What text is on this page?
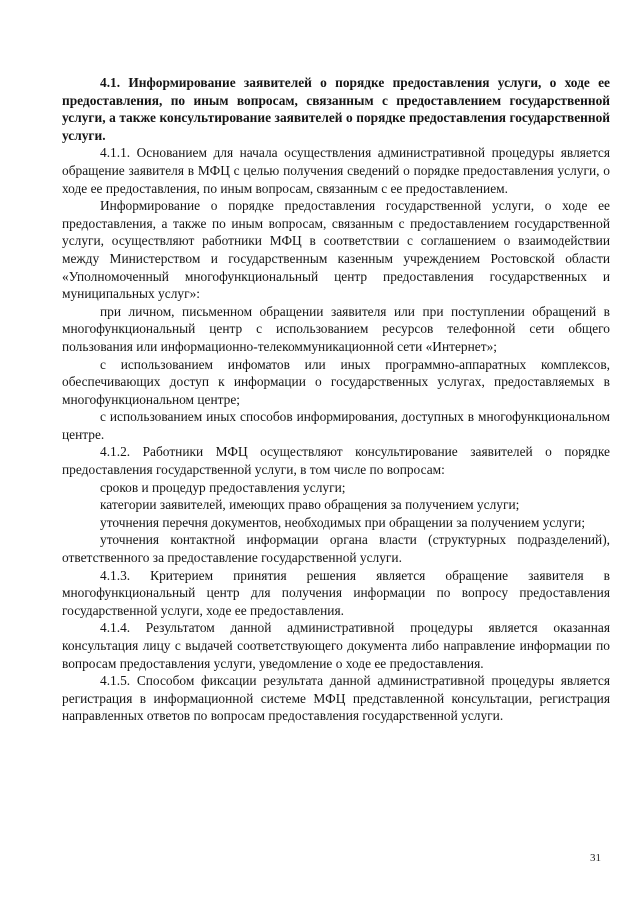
4.1. Информирование заявителей о порядке предоставления услуги, о ходе ее предоставления, по иным вопросам, связанным с предоставлением государственной услуги, а также консультирование заявителей о порядке предоставления государственной услуги.

4.1.1. Основанием для начала осуществления административной процедуры является обращение заявителя в МФЦ с целью получения сведений о порядке предоставления услуги, о ходе ее предоставления, по иным вопросам, связанным с ее предоставлением.

Информирование о порядке предоставления государственной услуги, о ходе ее предоставления, а также по иным вопросам, связанным с предоставлением государственной услуги, осуществляют работники МФЦ в соответствии с соглашением о взаимодействии между Министерством и государственным казенным учреждением Ростовской области «Уполномоченный многофункциональный центр предоставления государственных и муниципальных услуг»:

при личном, письменном обращении заявителя или при поступлении обращений в многофункциональный центр с использованием ресурсов телефонной сети общего пользования или информационно-телекоммуникационной сети «Интернет»;

с использованием инфоматов или иных программно-аппаратных комплексов, обеспечивающих доступ к информации о государственных услугах, предоставляемых в многофункциональном центре;

с использованием иных способов информирования, доступных в многофункциональном центре.

4.1.2. Работники МФЦ осуществляют консультирование заявителей о порядке предоставления государственной услуги, в том числе по вопросам:

сроков и процедур предоставления услуги;

категории заявителей, имеющих право обращения за получением услуги;

уточнения перечня документов, необходимых при обращении за получением услуги;

уточнения контактной информации органа власти (структурных подразделений), ответственного за предоставление государственной услуги.

4.1.3. Критерием принятия решения является обращение заявителя в многофункциональный центр для получения информации по вопросу предоставления государственной услуги, ходе ее предоставления.

4.1.4. Результатом данной административной процедуры является оказанная консультация лицу с выдачей соответствующего документа либо направление информации по вопросам предоставления услуги, уведомление о ходе ее предоставления.

4.1.5. Способом фиксации результата данной административной процедуры является регистрация в информационной системе МФЦ представленной консультации, регистрация направленных ответов по вопросам предоставления государственной услуги.

31
